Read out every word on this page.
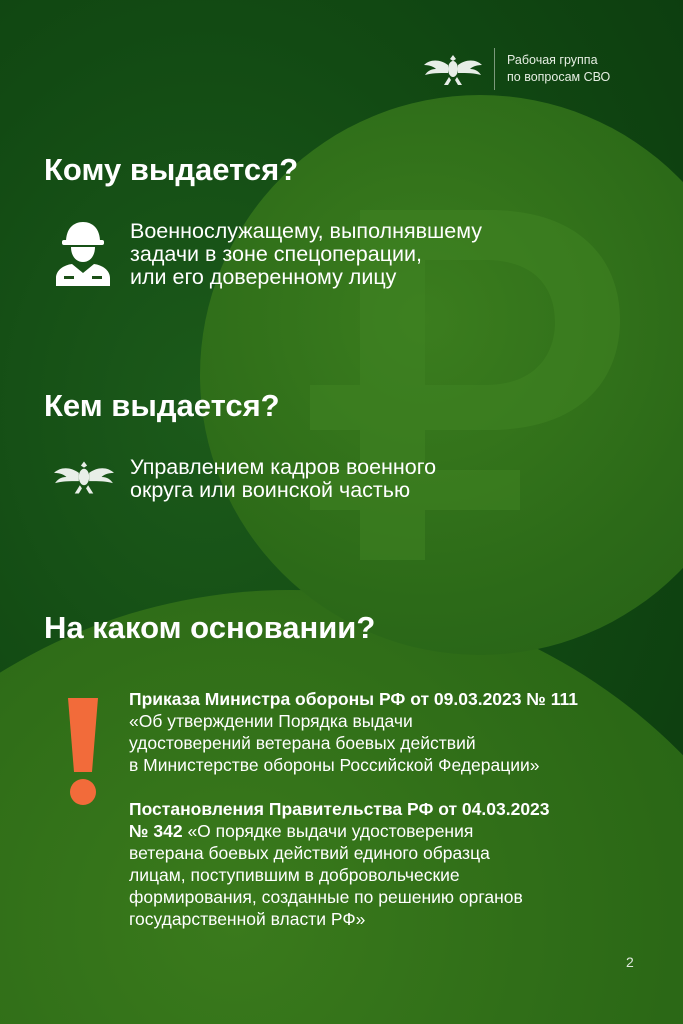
Рабочая группа
по вопросам СВО
Кому выдается?
Военнослужащему, выполнявшему
задачи в зоне спецоперации,
или его доверенному лицу
Кем выдается?
Управлением кадров военного
округа или воинской частью
На каком основании?
Приказа Министра обороны РФ от 09.03.2023 № 111
«Об утверждении Порядка выдачи
удостоверений ветерана боевых действий
в Министерстве обороны Российской Федерации»
Постановления Правительства РФ от 04.03.2023
№ 342 «О порядке выдачи удостоверения
ветерана боевых действий единого образца
лицам, поступившим в добровольческие
формирования, созданные по решению органов
государственной власти РФ»
2
